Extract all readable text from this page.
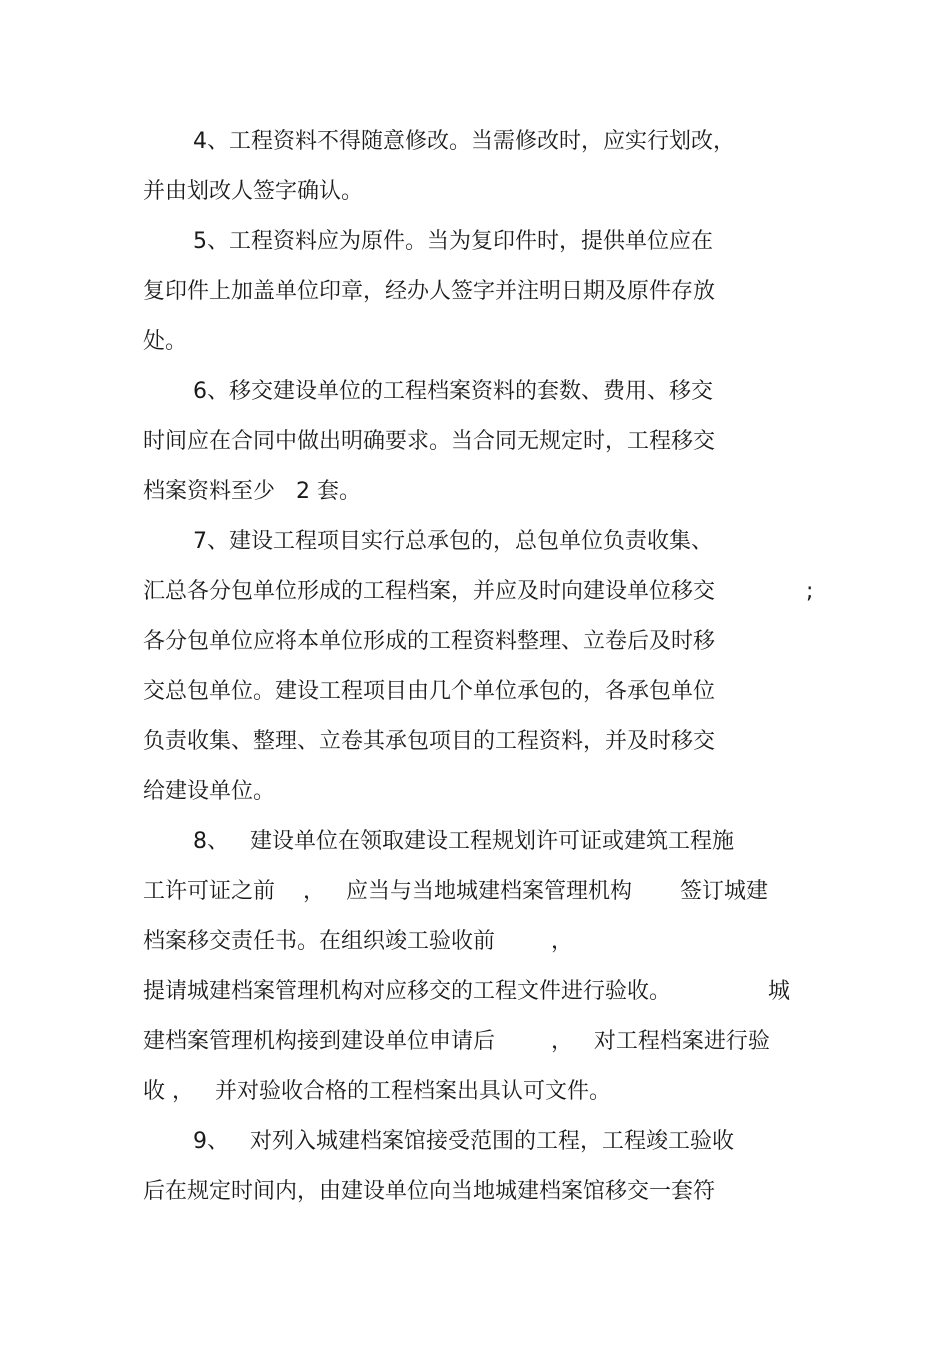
4、工程资料不得随意修改。当需修改时，应实行划改，
并由划改人签字确认。
5、工程资料应为原件。当为复印件时，提供单位应在
复印件上加盖单位印章，经办人签字并注明日期及原件存放
处。
6、移交建设单位的工程档案资料的套数、费用、移交
时间应在合同中做出明确要求。当合同无规定时，工程移交
档案资料至少   2 套。
7、建设工程项目实行总承包的，总包单位负责收集、
汇总各分包单位形成的工程档案，并应及时向建设单位移交	;
各分包单位应将本单位形成的工程资料整理、立卷后及时移
交总包单位。建设工程项目由几个单位承包的，各承包单位
负责收集、整理、立卷其承包项目的工程资料，并及时移交
给建设单位。
8、   建设单位在领取建设工程规划许可证或建筑工程施
工许可证之前    ，   应当与当地城建档案管理机构 签订城建
档案移交责任书。在组织竣工验收前        ，
提请城建档案管理机构对应移交的工程文件进行验收。	城
建档案管理机构接到建设单位申请后        ，   对工程档案进行验
收 ，   并对验收合格的工程档案出具认可文件。
9、   对列入城建档案馆接受范围的工程，工程竣工验收
后在规定时间内，由建设单位向当地城建档案馆移交一套符
